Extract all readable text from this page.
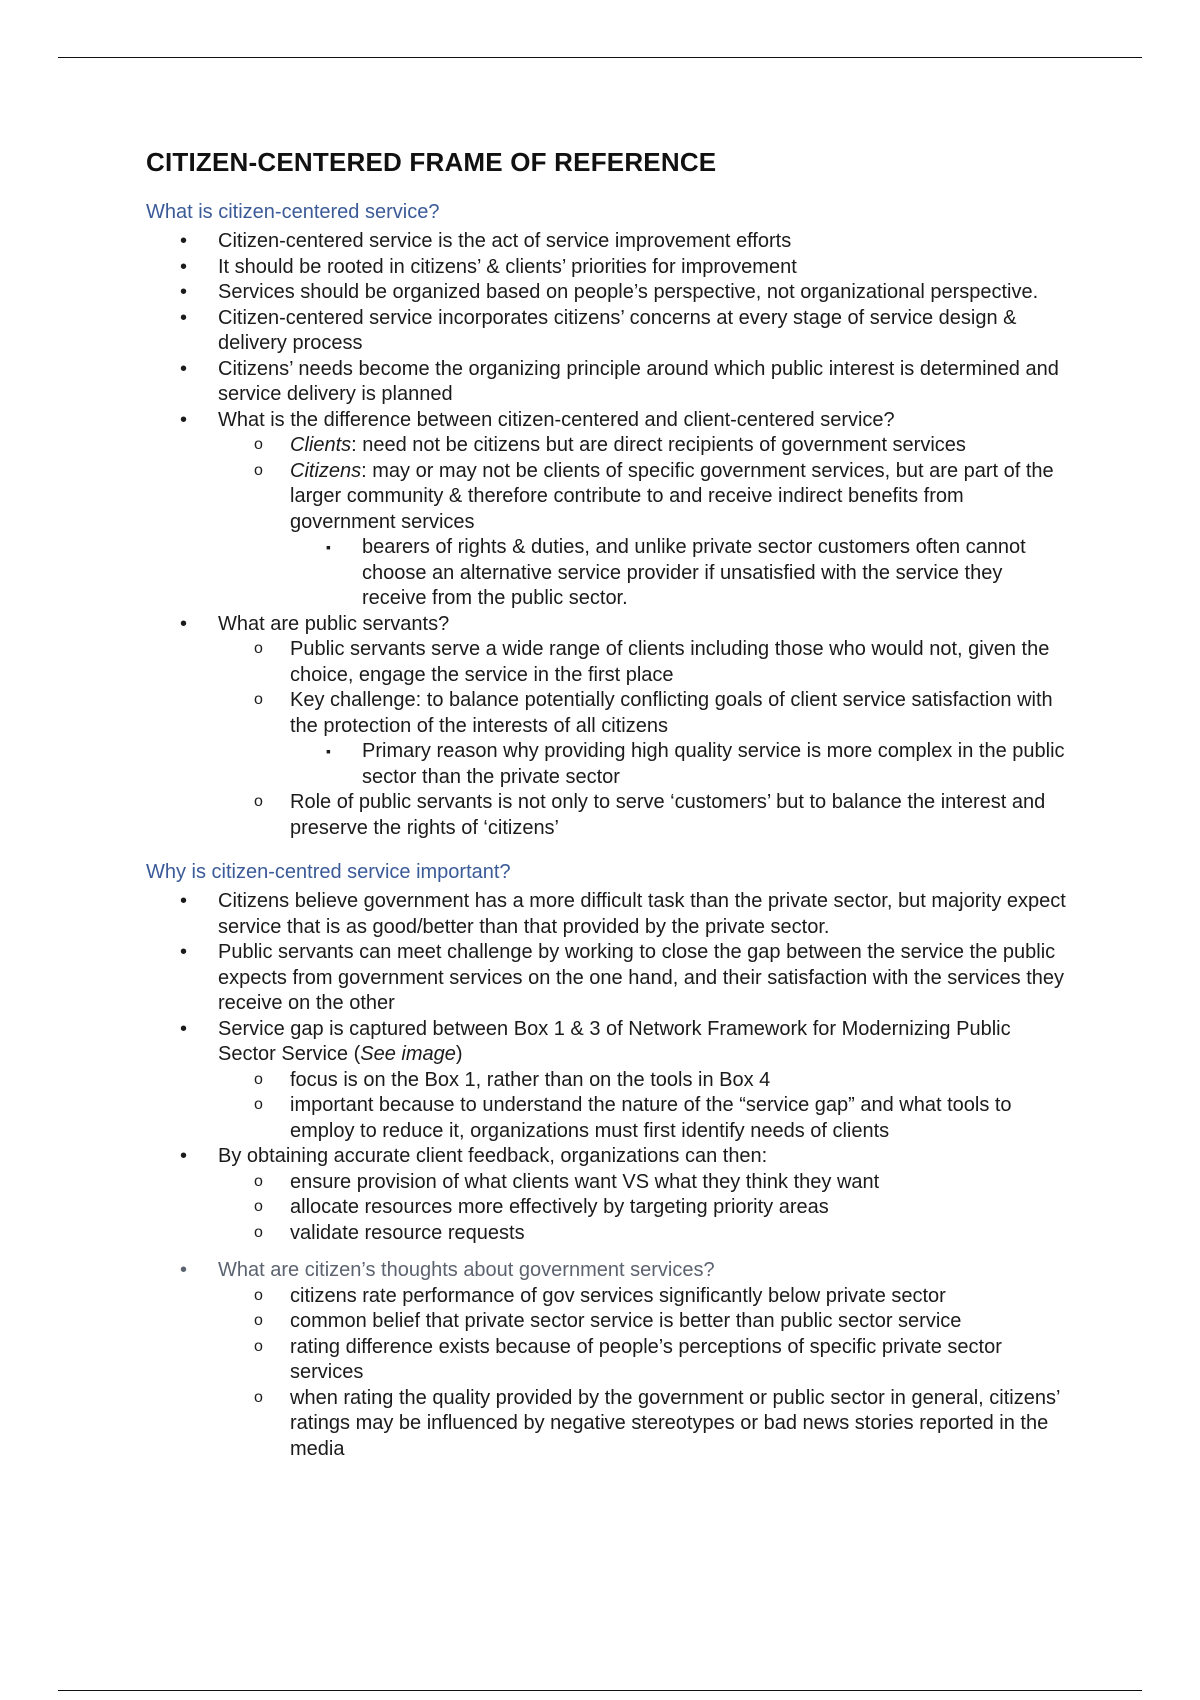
CITIZEN-CENTERED FRAME OF REFERENCE
What is citizen-centered service?
• Citizen-centered service is the act of service improvement efforts
• It should be rooted in citizens’ & clients’ priorities for improvement
• Services should be organized based on people’s perspective, not organizational perspective.
• Citizen-centered service incorporates citizens’ concerns at every stage of service design & delivery process
• Citizens’ needs become the organizing principle around which public interest is determined and service delivery is planned
• What is the difference between citizen-centered and client-centered service?
o Clients: need not be citizens but are direct recipients of government services
o Citizens: may or may not be clients of specific government services, but are part of the larger community & therefore contribute to and receive indirect benefits from government services
▪ bearers of rights & duties, and unlike private sector customers often cannot choose an alternative service provider if unsatisfied with the service they receive from the public sector.
• What are public servants?
o Public servants serve a wide range of clients including those who would not, given the choice, engage the service in the first place
o Key challenge: to balance potentially conflicting goals of client service satisfaction with the protection of the interests of all citizens
▪ Primary reason why providing high quality service is more complex in the public sector than the private sector
o Role of public servants is not only to serve ‘customers’ but to balance the interest and preserve the rights of ‘citizens’
Why is citizen-centred service important?
• Citizens believe government has a more difficult task than the private sector, but majority expect service that is as good/better than that provided by the private sector.
• Public servants can meet challenge by working to close the gap between the service the public expects from government services on the one hand, and their satisfaction with the services they receive on the other
• Service gap is captured between Box 1 & 3 of Network Framework for Modernizing Public Sector Service (See image)
o focus is on the Box 1, rather than on the tools in Box 4
o important because to understand the nature of the “service gap” and what tools to employ to reduce it, organizations must first identify needs of clients
• By obtaining accurate client feedback, organizations can then:
o ensure provision of what clients want VS what they think they want
o allocate resources more effectively by targeting priority areas
o validate resource requests
• What are citizen’s thoughts about government services?
o citizens rate performance of gov services significantly below private sector
o common belief that private sector service is better than public sector service
o rating difference exists because of people’s perceptions of specific private sector services
o when rating the quality provided by the government or public sector in general, citizens’ ratings may be influenced by negative stereotypes or bad news stories reported in the media
